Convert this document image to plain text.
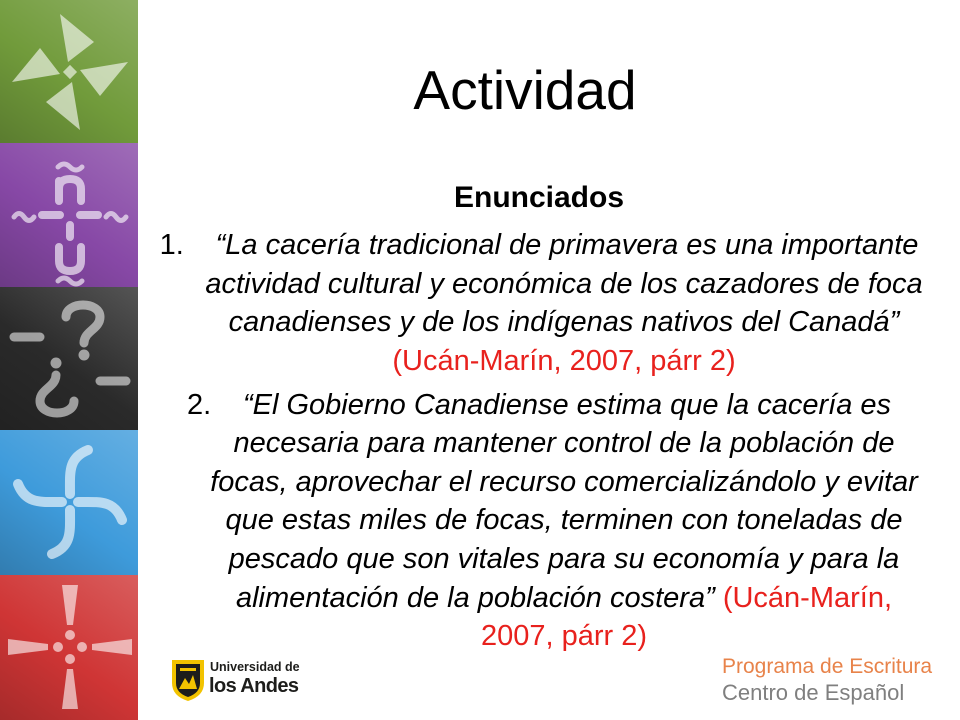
Actividad
Enunciados

1. “La cacería tradicional de primavera es una importante actividad cultural y económica de los cazadores de foca canadienses y de los indígenas nativos del Canadá” (Ucán-Marín, 2007, párr 2)

2. “El Gobierno Canadiense estima que la cacería es necesaria para mantener control de la población de focas, aprovechar el recurso comercializándolo y evitar que estas miles de focas, terminen con toneladas de pescado que son vitales para su economía y para la alimentación de la población costera” (Ucán-Marín, 2007, párr 2)

Universidad de
los Andes
Programa de Escritura
Centro de Español
